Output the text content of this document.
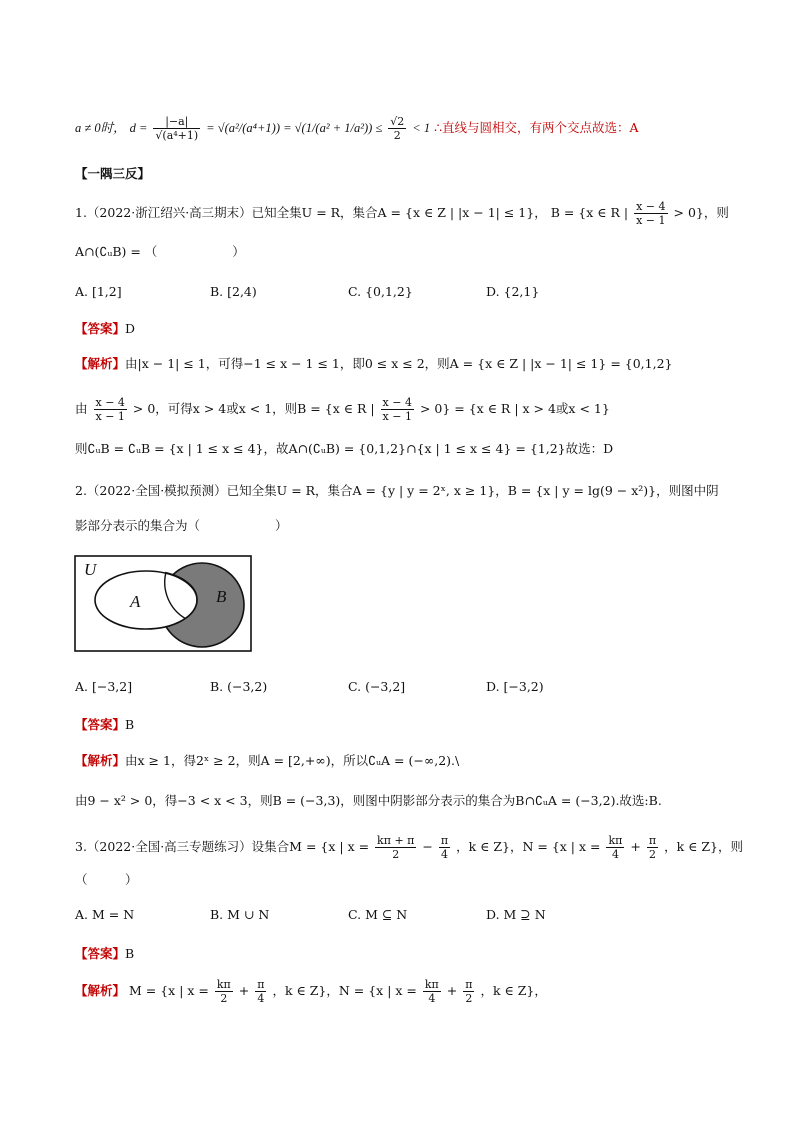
a ≠ 0时， $d = \frac{|-a|}{\text{√(a⁴+1)}} = √(a^2/(a^4+1)) = √(1/(a^2 + 1/a^2)) \le \frac{√2}{2} < 1$ ∴直线与圆相交，有两个交点故选：A
【一隅三反】
1.（2022·浙江绍兴·高三期末）已知全集U = R，集合A = {x ∈ Z | |x − 1| ≤ 1}， B = {x ∈ R | $\frac{x - 4}{x - 1} > 0$}，则
A∩(∁ᵤB) = （　　　　　　）
A. [1,2]	B. [2,4)	C. {0,1,2}	D. {2,1}
【答案】D
【解析】由|x − 1| ≤ 1，可得−1 ≤ x − 1 ≤ 1，即0 ≤ x ≤ 2，则A = {x ∈ Z | |x − 1| ≤ 1} = {0,1,2}
由 $\frac{x - 4}{x - 1} > 0$，可得x > 4或x < 1，则B = {x ∈ R | $\frac{x - 4}{x - 1} > 0\} = \{x$ ∈ R | x > 4或x < 1}
则∁ᵤB = ∁ᵤB = {x | 1 ≤ x ≤ 4}，故A∩(∁ᵤB) = {0,1,2}∩{x | 1 ≤ x ≤ 4} = {1,2}故选：D
2.（2022·全国·模拟预测）已知全集U = R，集合A = {y | y = 2ˣ, x ≥ 1}，B = {x | y = lg(9 − x²)}，则图中阴
影部分表示的集合为（　　　　　　）
U
A	B
A. [−3,2]	B. (−3,2)	C. (−3,2]	D. [−3,2)
【答案】B
【解析】由x ≥ 1，得2ˣ ≥ 2，则A = [2,+∞)，所以∁ᵤA = (−∞,2).\
由9 − x² > 0，得−3 < x < 3，则B = (−3,3)，则图中阴影部分表示的集合为B∩∁ᵤA = (−3,2).故选:B.
3.（2022·全国·高三专题练习）设集合M = {x | $x = \frac{k\pi + \pi}{2} - \frac{\pi}{4}$ ，k ∈ Z}，N = {x | $x = \frac{k\pi}{4} + \frac{\pi}{2}$ ，k ∈ Z}，则
（　　　）
A. M = N	B. M ∪ N	C. M ⊆ N	D. M ⊇ N
【答案】B
【解析】 M = {x | $x = \frac{k\pi}{2} + \frac{\pi}{4}$ ，k ∈ Z}，N = {x | $x = \frac{k\pi}{4} + \frac{\pi}{2}$ ，k ∈ Z}，
